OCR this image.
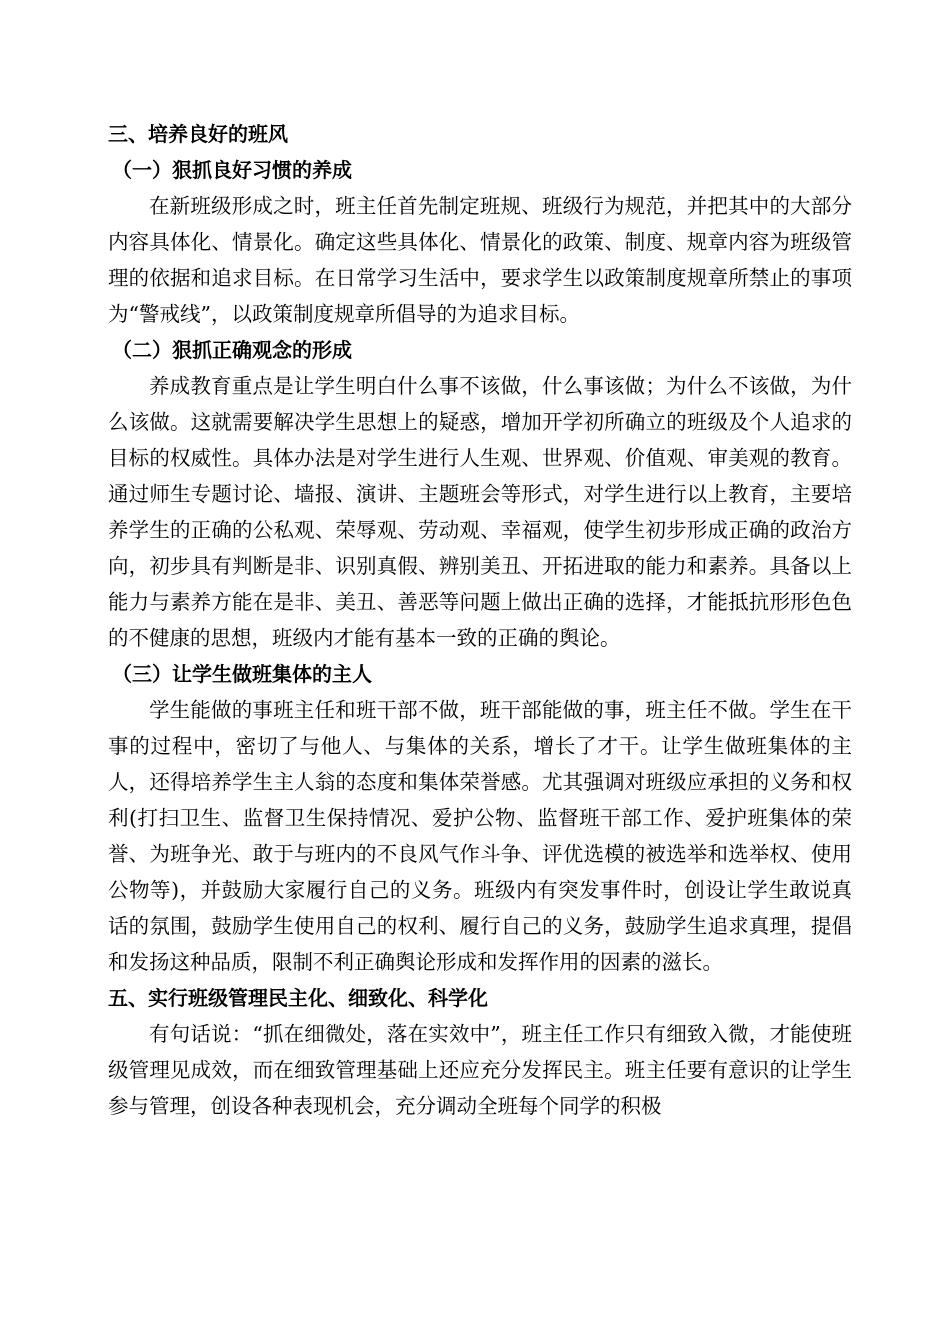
三、培养良好的班风
（一）狠抓良好习惯的养成

在新班级形成之时，班主任首先制定班规、班级行为规范，并把其中的大部分内容具体化、情景化。确定这些具体化、情景化的政策、制度、规章内容为班级管理的依据和追求目标。在日常学习生活中，要求学生以政策制度规章所禁止的事项为“警戒线”，以政策制度规章所倡导的为追求目标。

（二）狠抓正确观念的形成

养成教育重点是让学生明白什么事不该做，什么事该做；为什么不该做，为什么该做。这就需要解决学生思想上的疑惑，增加开学初所确立的班级及个人追求的目标的权威性。具体办法是对学生进行人生观、世界观、价值观、审美观的教育。通过师生专题讨论、墙报、演讲、主题班会等形式，对学生进行以上教育，主要培养学生的正确的公私观、荣辱观、劳动观、幸福观，使学生初步形成正确的政治方向，初步具有判断是非、识别真假、辨别美丑、开拓进取的能力和素养。具备以上能力与素养方能在是非、美丑、善恶等问题上做出正确的选择，才能抵抗形形色色的不健康的思想，班级内才能有基本一致的正确的舆论。

（三）让学生做班集体的主人

学生能做的事班主任和班干部不做，班干部能做的事，班主任不做。学生在干事的过程中，密切了与他人、与集体的关系，增长了才干。让学生做班集体的主人，还得培养学生主人翁的态度和集体荣誉感。尤其强调对班级应承担的义务和权利(打扫卫生、监督卫生保持情况、爱护公物、监督班干部工作、爱护班集体的荣誉、为班争光、敢于与班内的不良风气作斗争、评优选模的被选举和选举权、使用公物等)，并鼓励大家履行自己的义务。班级内有突发事件时，创设让学生敢说真话的氛围，鼓励学生使用自己的权利、履行自己的义务，鼓励学生追求真理，提倡和发扬这种品质，限制不利正确舆论形成和发挥作用的因素的滋长。

五、实行班级管理民主化、细致化、科学化

有句话说：“抓在细微处，落在实效中”，班主任工作只有细致入微，才能使班级管理见成效，而在细致管理基础上还应充分发挥民主。班主任要有意识的让学生参与管理，创设各种表现机会，充分调动全班每个同学的积极
